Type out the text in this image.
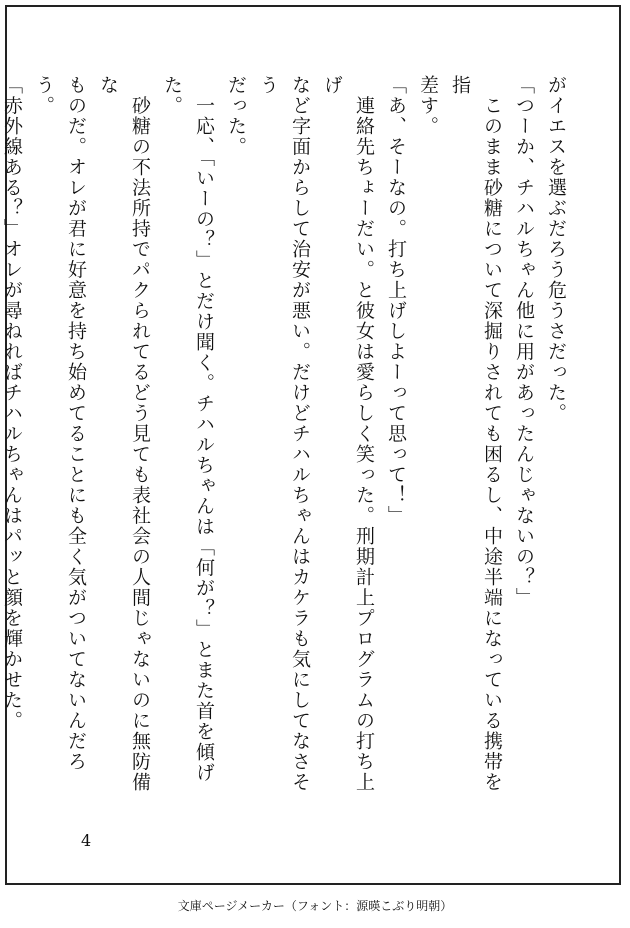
がイエスを選ぶだろう危うさだった。

「つーか、チハルちゃん他に用があったんじゃないの？」

　このまま砂糖について深掘りされても困るし、中途半端になっている携帯を指

差す。

「あ、そーなの。打ち上げしよーって思って！」

　連絡先ちょーだい。と彼女は愛らしく笑った。刑期計上プログラムの打ち上げ

など字面からして治安が悪い。だけどチハルちゃんはカケラも気にしてなさそう

だった。

　一応、「いーの？」とだけ聞く。チハルちゃんは「何が？」とまた首を傾げた。

　砂糖の不法所持でパクられてるどう見ても表社会の人間じゃないのに無防備な

ものだ。オレが君に好意を持ち始めてることにも全く気がついてないんだろう。

「赤外線ある？」オレが尋ねればチハルちゃんはパッと顔を輝かせた。

4
文庫ページメーカー（フォント：源暎こぶり明朝）
